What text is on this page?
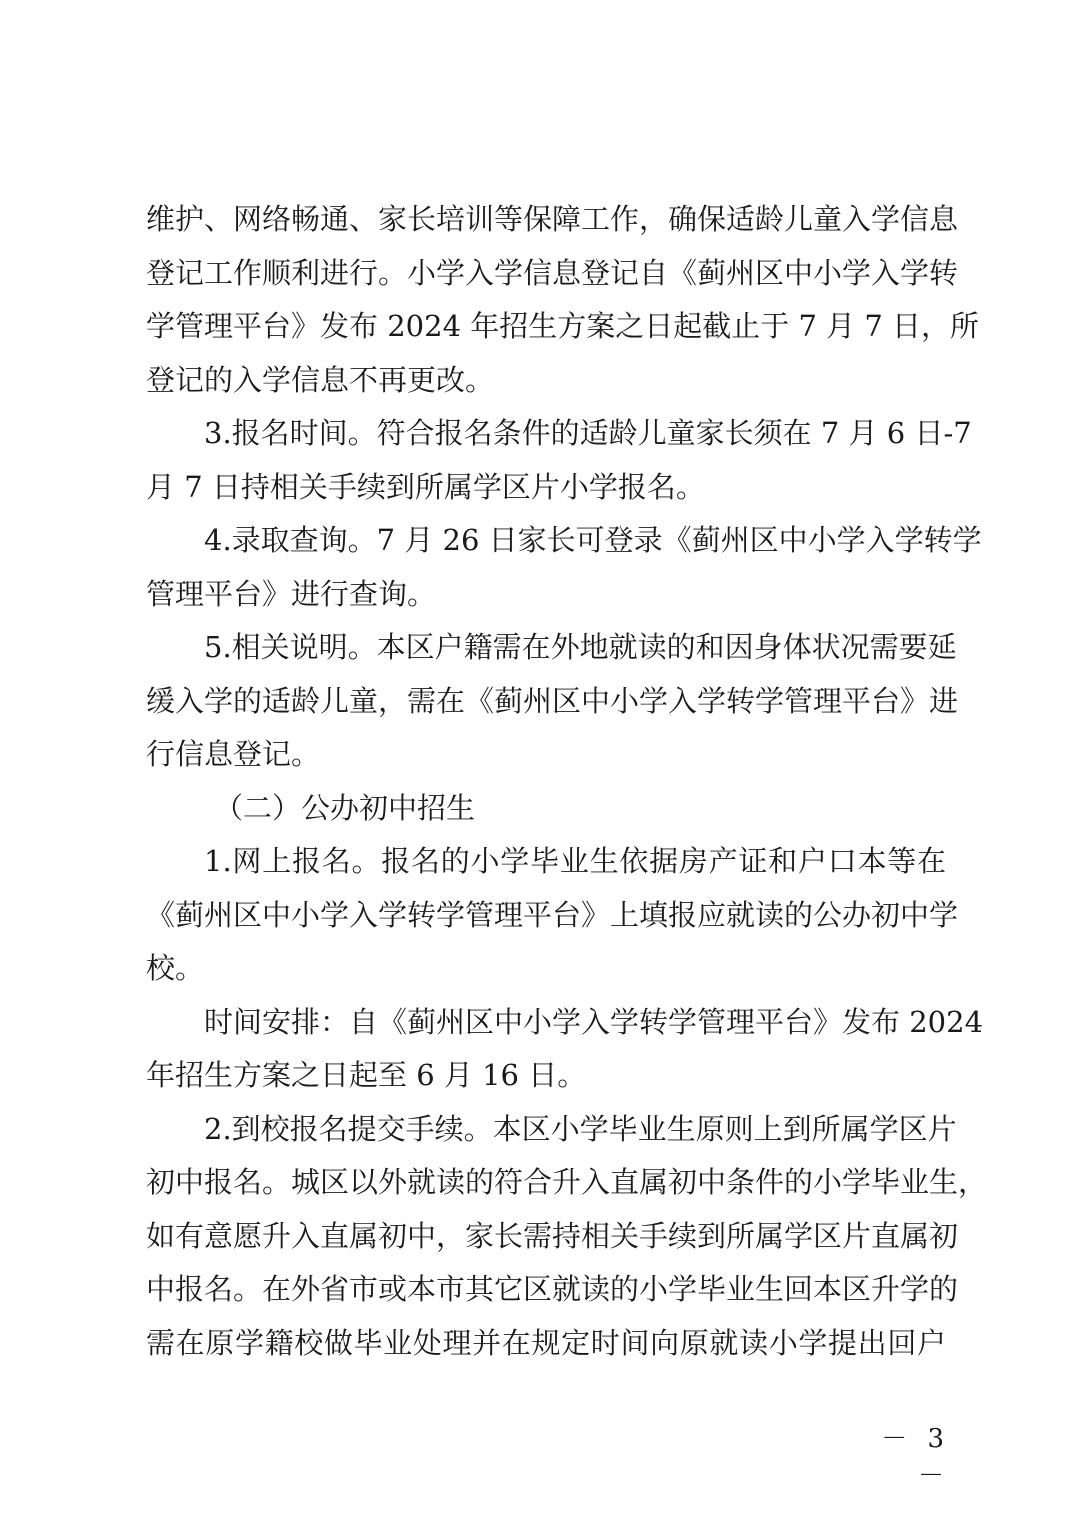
维护、网络畅通、家长培训等保障工作，确保适龄儿童入学信息
登记工作顺利进行。小学入学信息登记自《蓟州区中小学入学转
学管理平台》发布 2024 年招生方案之日起截止于 7 月 7 日，所
登记的入学信息不再更改。
3.报名时间。符合报名条件的适龄儿童家长须在 7 月 6 日-7
月 7 日持相关手续到所属学区片小学报名。
4.录取查询。7 月 26 日家长可登录《蓟州区中小学入学转学
管理平台》进行查询。
5.相关说明。本区户籍需在外地就读的和因身体状况需要延
缓入学的适龄儿童，需在《蓟州区中小学入学转学管理平台》进
行信息登记。
（二）公办初中招生
1.网上报名。报名的小学毕业生依据房产证和户口本等在
《蓟州区中小学入学转学管理平台》上填报应就读的公办初中学
校。
时间安排：自《蓟州区中小学入学转学管理平台》发布 2024
年招生方案之日起至 6 月 16 日。
2.到校报名提交手续。本区小学毕业生原则上到所属学区片
初中报名。城区以外就读的符合升入直属初中条件的小学毕业生，
如有意愿升入直属初中，家长需持相关手续到所属学区片直属初
中报名。在外省市或本市其它区就读的小学毕业生回本区升学的
需在原学籍校做毕业处理并在规定时间向原就读小学提出回户
－ 3 －
